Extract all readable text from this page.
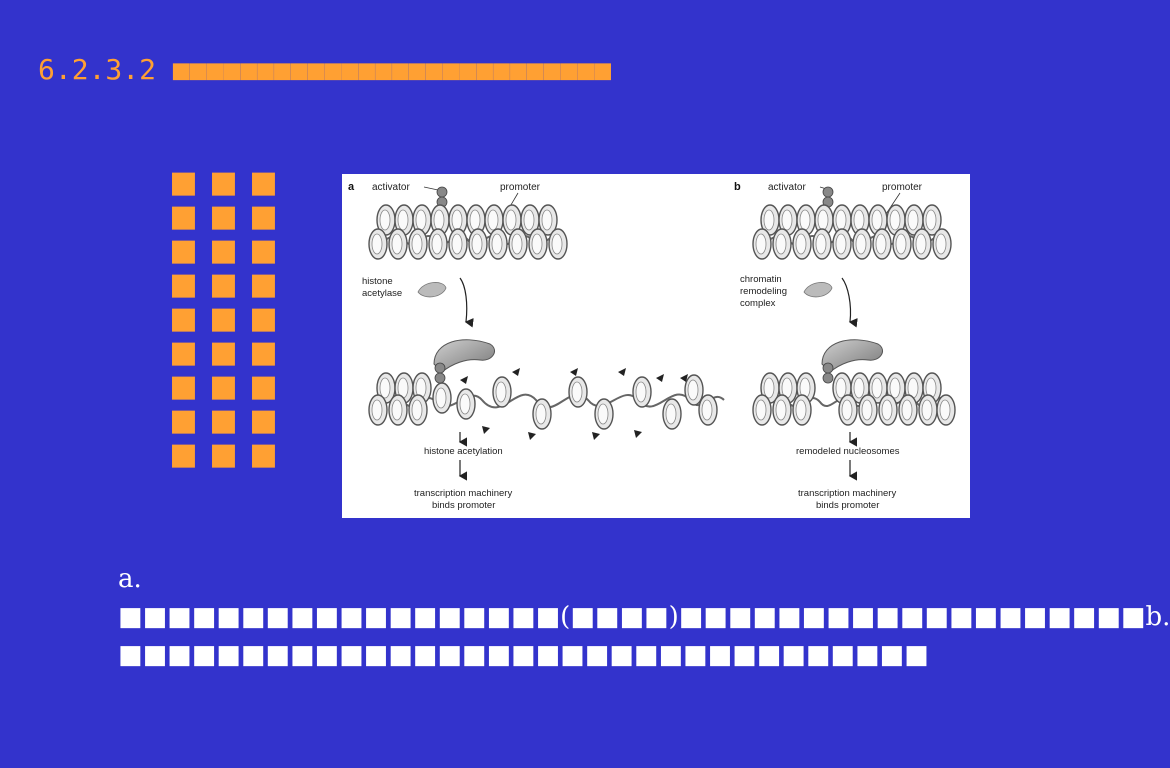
6.2.3.2 ■■■■■■■■■■■■■■■■■■■■■■■■■■
■■■■■■■■■
■■■■■■■■■
■■■■■■■■■
a activator	promoter
histone
acetylase
histone acetylation
transcription machinery
binds promoter
b	activator	promoter
chromatin
remodeling
complex
remodeled nucleosomes
transcription machinery
binds promoter
a. ■■■■■■■■■■■■■■■■■■(■■■■)■■■■■■■■■■■■■■■■■■■b. ■■■■■■■■■■■■■■■■■■■■■■■■■■■■■■■■■
